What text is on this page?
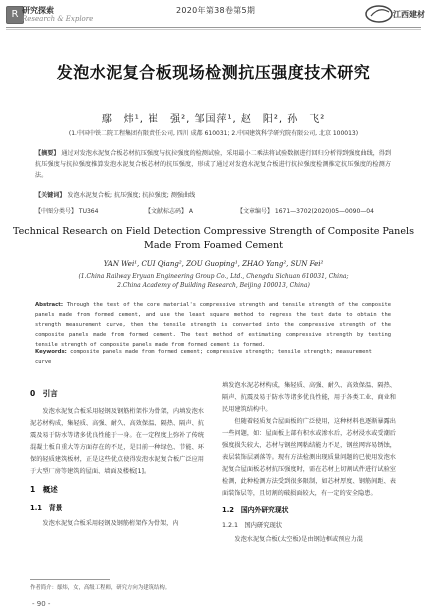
R 研究探索
Research & Explore
2020年第38卷第5期	江西建材
发泡水泥复合板现场检测抗压强度技术研究
鄢　炜¹, 崔　强², 邹国萍¹, 赵　阳², 孙　飞²
(1.中国中铁二院工程集团有限责任公司, 四川 成都 610031; 2.中国建筑科学研究院有限公司, 北京 100013)
【摘要】 通过对发泡水泥复合板芯材抗压强度与抗拉强度的检测试验，采用最小二乘法将试验数据进行回归分析得到强度曲线，得到抗压强度与抗拉强度推算发泡水泥复合板芯材的抗压强度，形成了通过对发泡水泥复合板进行抗拉强度检测推定抗压强度的检测方法。
【关键词】 发泡水泥复合板; 抗压强度; 抗拉强度; 测强曲线
【中图分类号】 TU364	【文献标志码】 A	【文章编号】 1671—3702(2020)05—0090—04
Technical Research on Field Detection Compressive Strength of Composite Panels Made From Foamed Cement
YAN Wei¹, CUI Qiang², ZOU Guoping¹, ZHAO Yang², SUN Fei²
(1.China Railway Eryuan Engineering Group Co., Ltd., Chengdu Sichuan 610031, China;
2.China Academy of Building Research, Beijing 100013, China)
Abstract: Through the test of the core material's compressive strength and tensile strength of the composite panels made from formed cement, and use the least square method to regress the test date to obtain the strength measurement curve, then the tensile strength is converted into the compressive strength of the composite panels made from formed cement. The test method of estimating compressive strength by testing tensile strength of composite panels made from formed cement is formed.
Keywords: composite panels made from formed cement; compressive strength; tensile strength; measurement curve
0　引言

发泡水泥复合板采用轻钢及钢筋桁架作为骨架，内填发泡水泥芯材构成，集轻质、高强、耐久、高效保温、隔热、隔声、抗震及易于防水等诸多优良性能于一身。在一定程度上弥补了传统混凝土板自重大等方面存在的不足，是目前一种绿色、节能、环保的轻质建筑板材，正是这些优点使得发泡水泥复合板广泛应用于大型厂房等建筑的屋面、墙面及楼板[1]。

1　概述
1.1　背景

发泡水泥复合板采用轻钢及钢筋桁架作为骨架，内

填发泡水泥芯材构成，集轻质、高强、耐久、高效保温、隔热、隔声、抗震及易于防水等诸多优良性能，用于各类工业、商业和民用建筑结构中。

但随着轻质复合屋面板的广泛使用，这种材料也逐渐暴露出一些问题，如：屋面板上部有积水或渗水后，芯材浸水或受潮后强度损失较大，芯材与钢丝网粘结能力不足，钢丝网容易锈蚀，表层装饰层剥落等。现有方法检测出现质量问题的已使用发泡水泥复合屋面板芯材抗压强度时，需在芯材上切割试件进行试验室检测，此种检测方法受到很多限制，如芯材厚度、钢筋间距、表面装饰层等，且切割的破损面较大，有一定的安全隐患。

1.2　国内外研究现状
1.2.1　国内研究现状

发泡水泥复合板(太空板)是由钢边框或预应力混

作者简介：鄢炜，女，高级工程师，研究方向为建筑结构。
- 90 -
